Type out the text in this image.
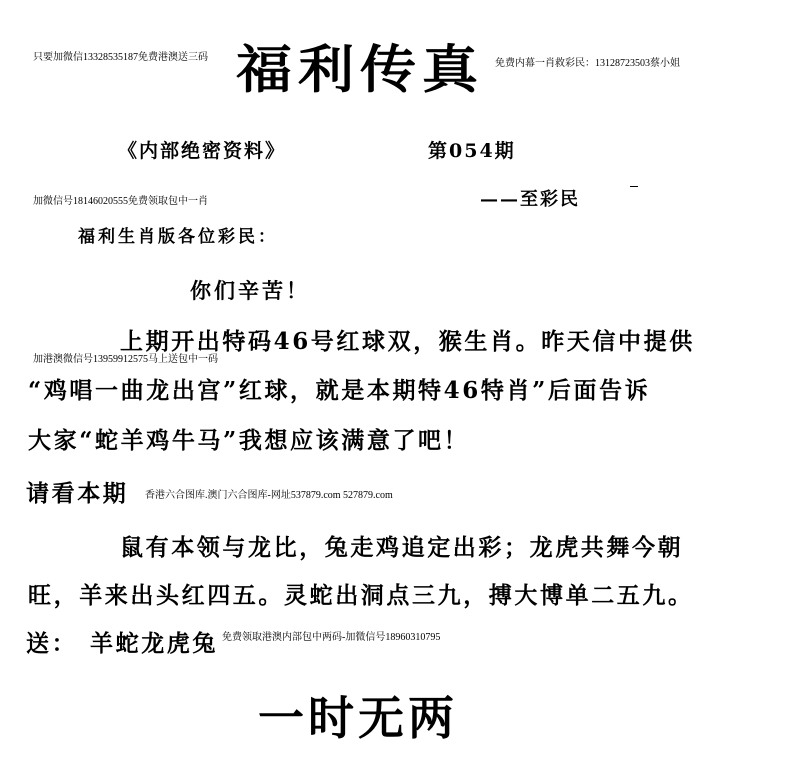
只要加微信13328535187免费港澳送三码 福利传真 免费内幕一肖救彩民：13128723503蔡小姐
《内部绝密资料》	第054期
加微信号18146020555免费领取包中一肖	——至彩民
福利生肖版各位彩民：
你们辛苦！
上期开出特码46号红球双，猴生肖。昨天信中提供
加港澳微信号13959912575马上送包中一码
“鸡唱一曲龙出宫”红球，就是本期特46特肖”后面告诉
大家“蛇羊鸡牛马”我想应该满意了吧！
请看本期 香港六合图库.澳门六合图库-网址537879.com 527879.com
鼠有本领与龙比，兔走鸡追定出彩；龙虎共舞今朝
旺，羊来出头红四五。灵蛇出洞点三九，搏大博单二五九。
送： 羊蛇龙虎兔 免费领取港澳内部包中两码-加微信号18960310795
一时无两
